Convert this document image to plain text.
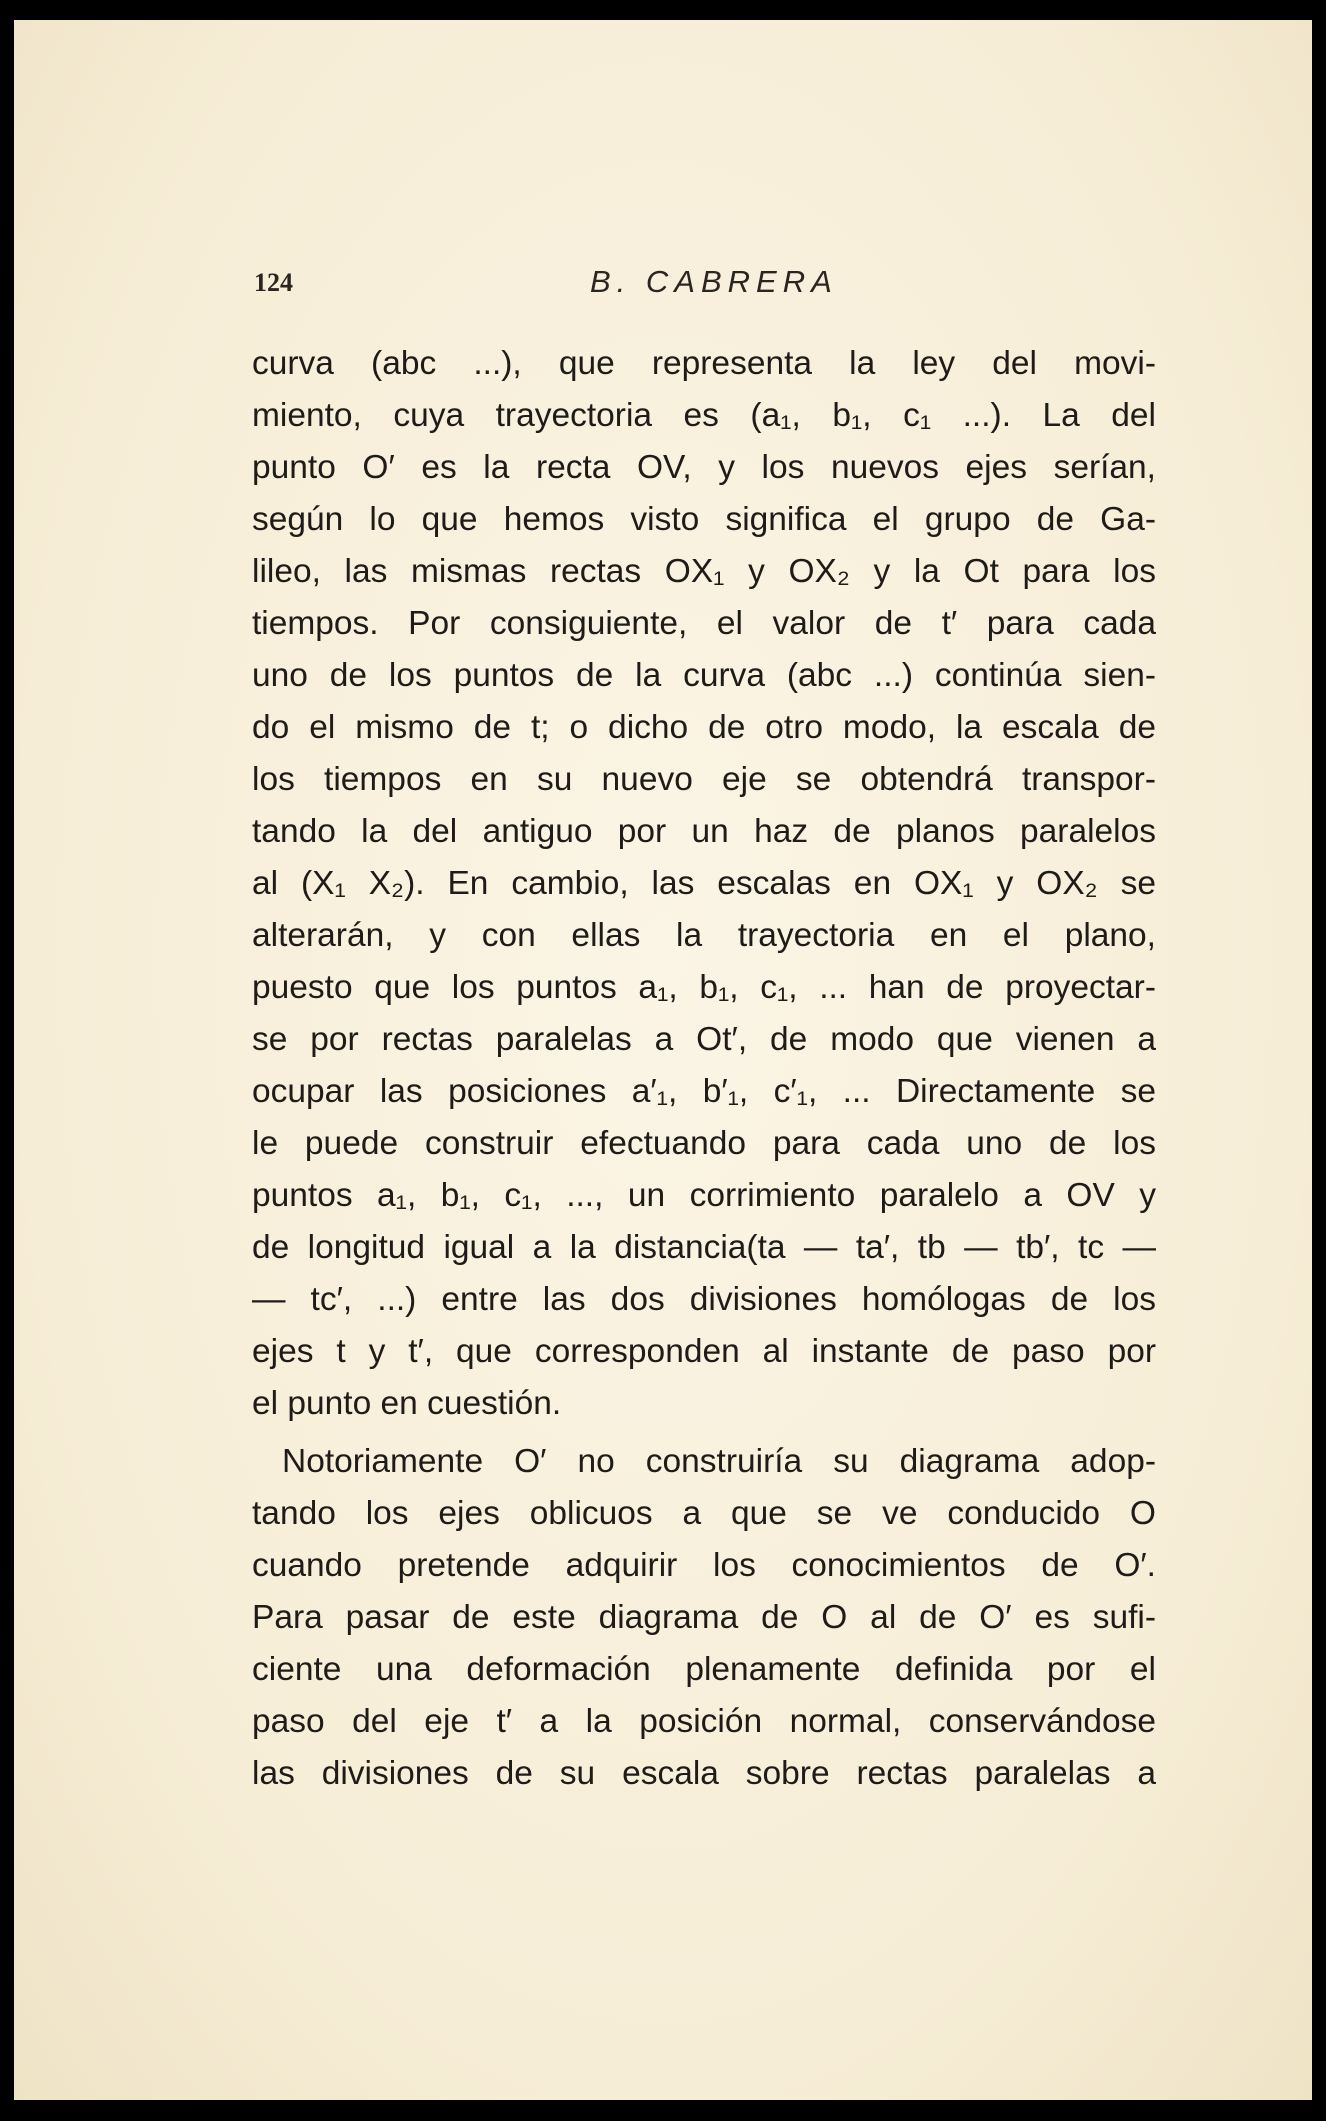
124	B. CABRERA
curva (abc ...), que representa la ley del movi-
miento, cuya trayectoria es (a₁, b₁, c₁ ...). La del
punto O′ es la recta OV, y los nuevos ejes serían,
según lo que hemos visto significa el grupo de Ga-
lileo, las mismas rectas OX₁ y OX₂ y la Ot para los
tiempos. Por consiguiente, el valor de t′ para cada
uno de los puntos de la curva (abc ...) continúa sien-
do el mismo de t; o dicho de otro modo, la escala de
los tiempos en su nuevo eje se obtendrá transpor-
tando la del antiguo por un haz de planos paralelos
al (X₁ X₂). En cambio, las escalas en OX₁ y OX₂ se
alterarán, y con ellas la trayectoria en el plano,
puesto que los puntos a₁, b₁, c₁, ... han de proyectar-
se por rectas paralelas a Ot′, de modo que vienen a
ocupar las posiciones a′₁, b′₁, c′₁, ... Directamente se
le puede construir efectuando para cada uno de los
puntos a₁, b₁, c₁, ..., un corrimiento paralelo a OV y
de longitud igual a la distancia(ta — ta′, tb — tb′, tc —
— tc′, ...) entre las dos divisiones homólogas de los
ejes t y t′, que corresponden al instante de paso por
el punto en cuestión.
Notoriamente O′ no construiría su diagrama adop-
tando los ejes oblicuos a que se ve conducido O
cuando pretende adquirir los conocimientos de O′.
Para pasar de este diagrama de O al de O′ es sufi-
ciente una deformación plenamente definida por el
paso del eje t′ a la posición normal, conservándose
las divisiones de su escala sobre rectas paralelas a
